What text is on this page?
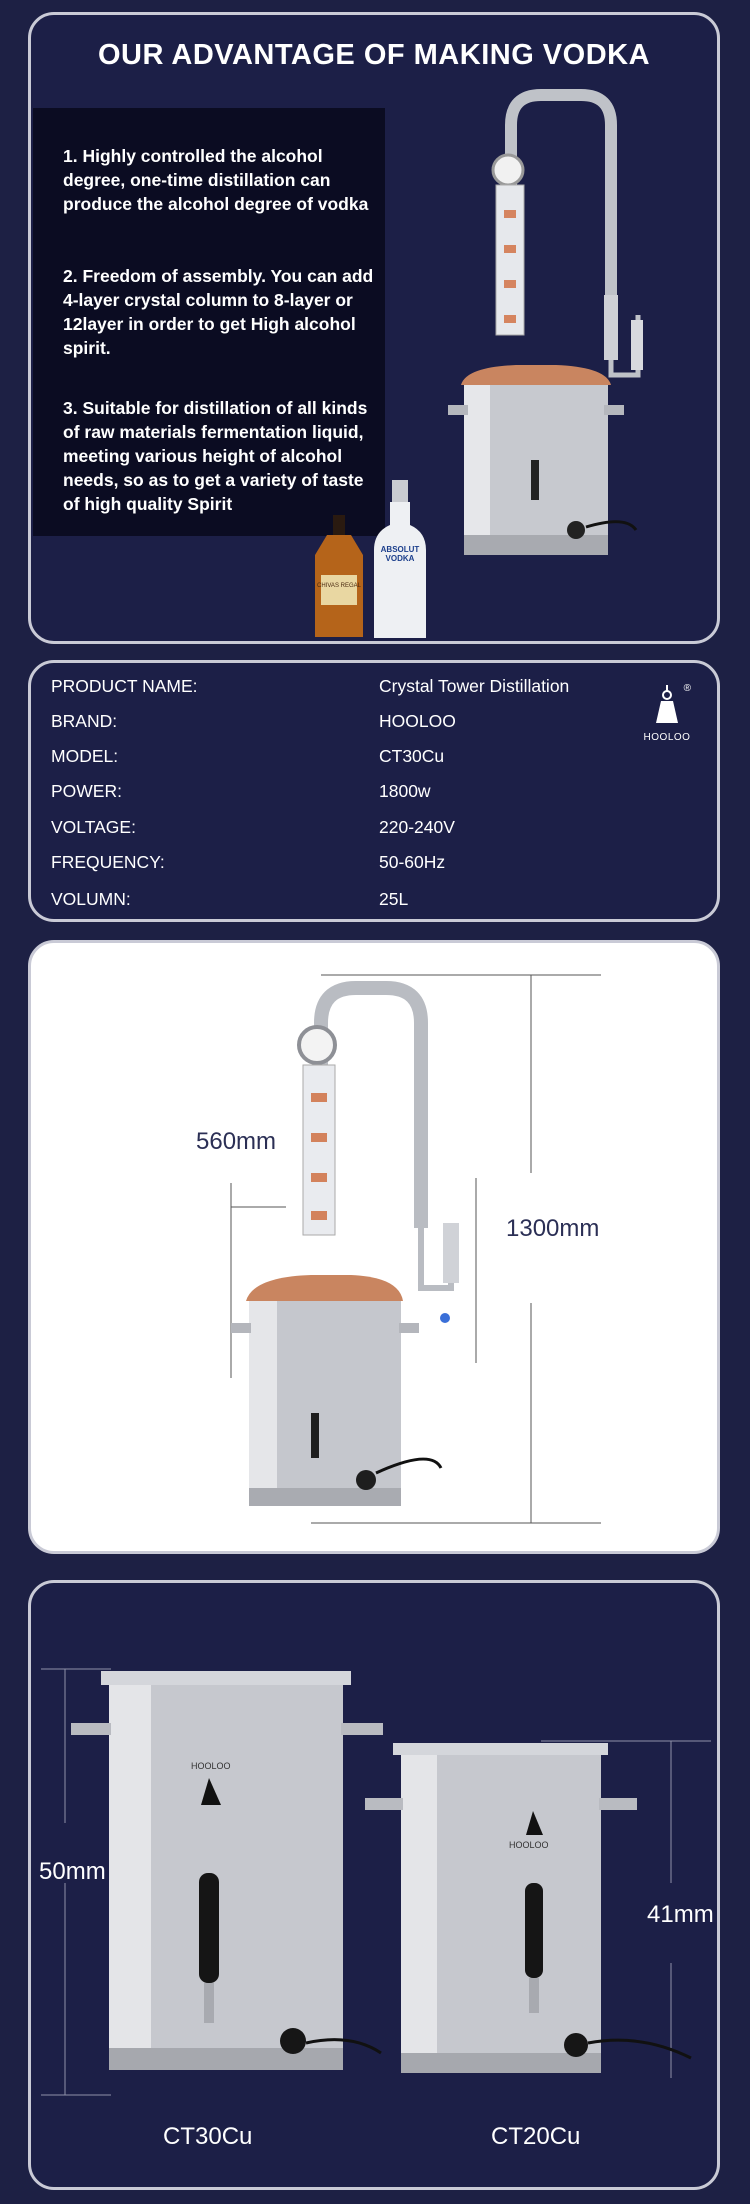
OUR ADVANTAGE OF MAKING VODKA

1. Highly controlled the alcohol degree, one-time distillation can produce the alcohol degree of vodka

2. Freedom of assembly. You can add 4-layer crystal column to 8-layer or 12layer in order to get High alcohol spirit.

3. Suitable for distillation of all kinds of raw materials fermentation liquid, meeting various height of alcohol needs, so as to get a variety of taste of high quality Spirit

CHIVAS REGAL
ABSOLUT VODKA
PRODUCT NAME:	Crystal Tower Distillation
BRAND:	HOOLOO
MODEL:	CT30Cu
POWER:	1800w
VOLTAGE:	220-240V
FREQUENCY:	50-60Hz
VOLUMN:	25L
®
HOOLOO
560mm
1300mm
HOOLOO
HOOLOO
50mm
41mm
CT30Cu	CT20Cu
